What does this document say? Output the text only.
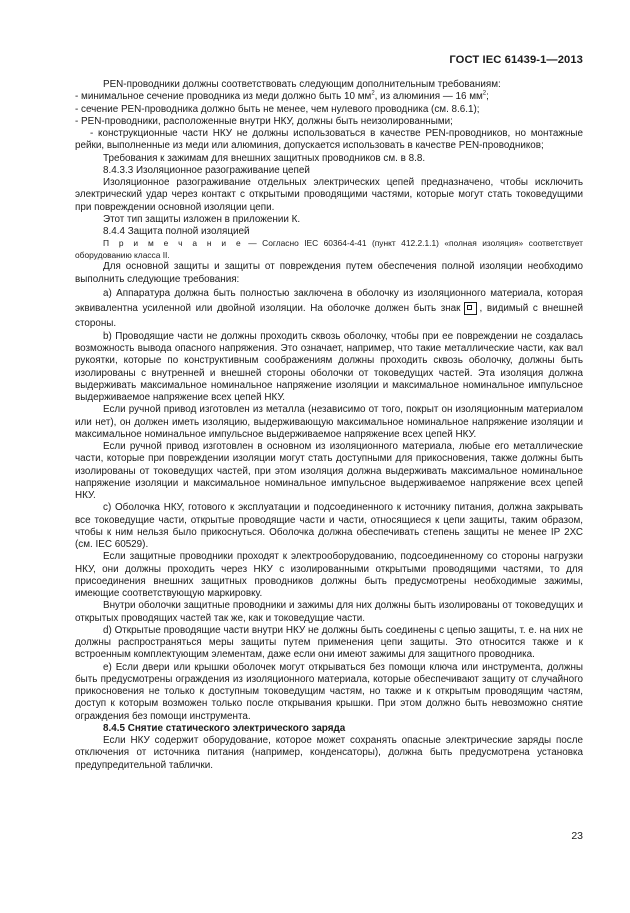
ГОСТ IEC 61439-1—2013

PEN-проводники должны соответствовать следующим дополнительным требованиям:

- минимальное сечение проводника из меди должно быть 10 $мм^2$, из алюминия — 16 $мм^2$;

- сечение PEN-проводника должно быть не менее, чем нулевого проводника (см. 8.6.1);

- PEN-проводники, расположенные внутри НКУ, должны быть неизолированными;

- конструкционные части НКУ не должны использоваться в качестве PEN-проводников, но монтажные рейки, выполненные из меди или алюминия, допускается использовать в качестве PEN-проводников;

Требования к зажимам для внешних защитных проводников см. в 8.8.

8.4.3.3 Изоляционное разограживание цепей

Изоляционное разограживание отдельных электрических цепей предназначено, чтобы исключить электрический удар через контакт с открытыми проводящими частями, которые могут стать токоведущими при повреждении основной изоляции цепи.

Этот тип защиты изложен в приложении К.

8.4.4 Защита полной изоляцией

П р и м е ч а н и е — Согласно IEC 60364-4-41 (пункт 412.2.1.1) «полная изоляция» соответствует оборудованию класса II.

Для основной защиты и защиты от повреждения путем обеспечения полной изоляции необходимо выполнить следующие требования:

а) Аппаратура должна быть полностью заключена в оболочку из изоляционного материала, которая эквивалентна усиленной или двойной изоляции. На оболочке должен быть знак , видимый с внешней стороны.

b) Проводящие части не должны проходить сквозь оболочку, чтобы при ее повреждении не создалась возможность вывода опасного напряжения. Это означает, например, что такие металлические части, как вал рукоятки, которые по конструктивным соображениям должны проходить сквозь оболочку, должны быть изолированы с внутренней и внешней стороны оболочки от токоведущих частей. Эта изоляция должна выдерживать максимальное номинальное напряжение изоляции и максимальное номинальное импульсное выдерживаемое напряжение всех цепей НКУ.

Если ручной привод изготовлен из металла (независимо от того, покрыт он изоляционным материалом или нет), он должен иметь изоляцию, выдерживающую максимальное номинальное напряжение изоляции и максимальное номинальное импульсное выдерживаемое напряжение всех цепей НКУ.

Если ручной привод изготовлен в основном из изоляционного материала, любые его металлические части, которые при повреждении изоляции могут стать доступными для прикосновения, также должны быть изолированы от токоведущих частей, при этом изоляция должна выдерживать максимальное номинальное напряжение изоляции и максимальное номинальное импульсное выдерживаемое напряжение всех цепей НКУ.

с) Оболочка НКУ, готового к эксплуатации и подсоединенного к источнику питания, должна закрывать все токоведущие части, открытые проводящие части и части, относящиеся к цепи защиты, таким образом, чтобы к ним нельзя было прикоснуться. Оболочка должна обеспечивать степень защиты не менее IP 2ХС (см. IEC 60529).

Если защитные проводники проходят к электрооборудованию, подсоединенному со стороны нагрузки НКУ, они должны проходить через НКУ с изолированными открытыми проводящими частями, то для присоединения внешних защитных проводников должны быть предусмотрены необходимые зажимы, имеющие соответствующую маркировку.

Внутри оболочки защитные проводники и зажимы для них должны быть изолированы от токоведущих и открытых проводящих частей так же, как и токоведущие части.

d) Открытые проводящие части внутри НКУ не должны быть соединены с цепью защиты, т. е. на них не должны распространяться меры защиты путем применения цепи защиты. Это относится также и к встроенным комплектующим элементам, даже если они имеют зажимы для защитного проводника.

е) Если двери или крышки оболочек могут открываться без помощи ключа или инструмента, должны быть предусмотрены ограждения из изоляционного материала, которые обеспечивают защиту от случайного прикосновения не только к доступным токоведущим частям, но также и к открытым проводящим частям, доступ к которым возможен только после открывания крышки. При этом должно быть невозможно снятие ограждения без помощи инструмента.

8.4.5 Снятие статического электрического заряда

Если НКУ содержит оборудование, которое может сохранять опасные электрические заряды после отключения от источника питания (например, конденсаторы), должна быть предусмотрена установка предупредительной таблички.

23
